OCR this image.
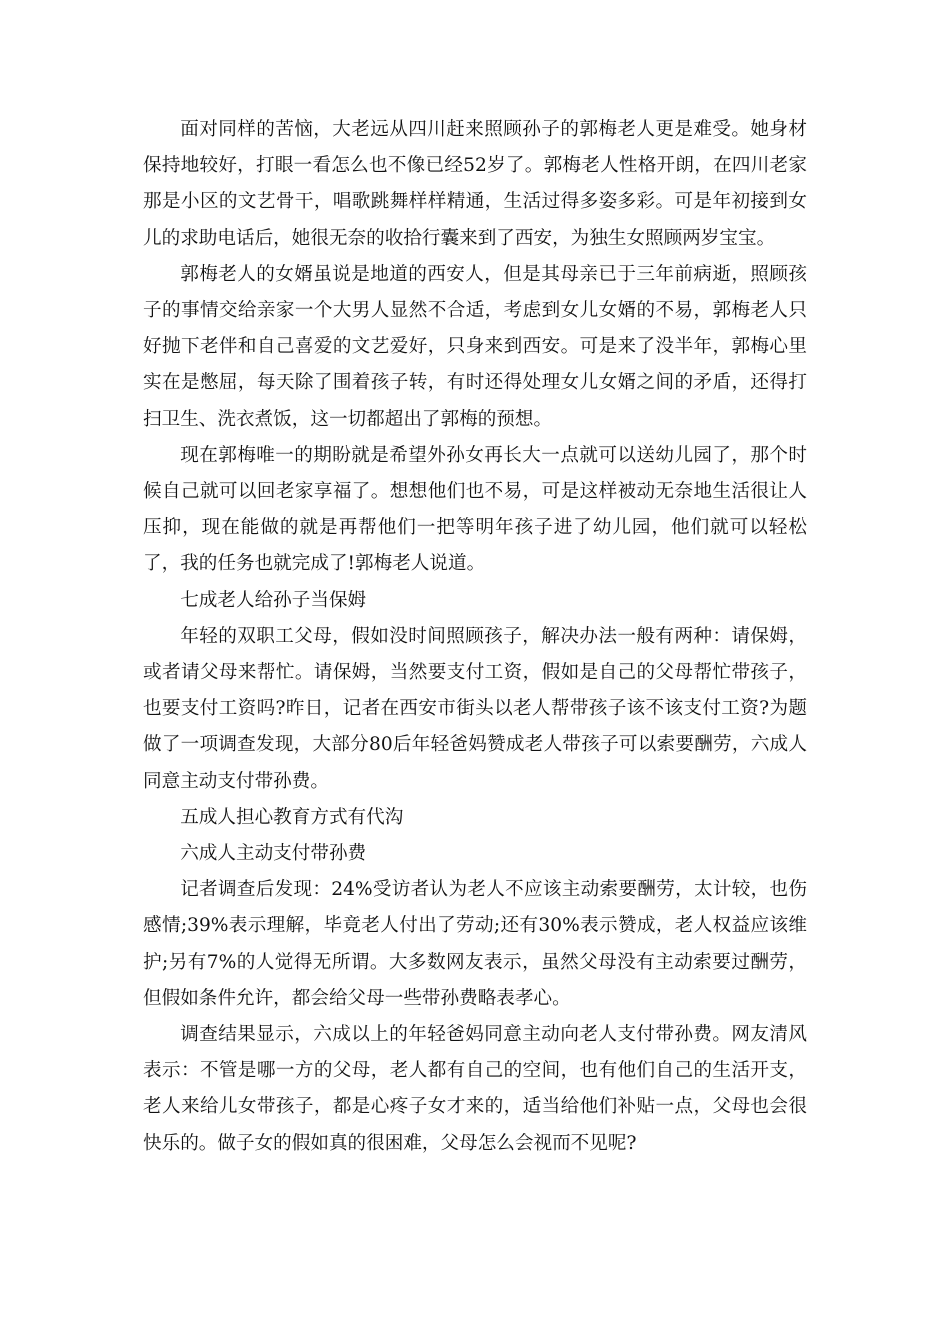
面对同样的苦恼，大老远从四川赶来照顾孙子的郭梅老人更是难受。她身材保持地较好，打眼一看怎么也不像已经52岁了。郭梅老人性格开朗，在四川老家那是小区的文艺骨干，唱歌跳舞样样精通，生活过得多姿多彩。可是年初接到女儿的求助电话后，她很无奈的收拾行囊来到了西安，为独生女照顾两岁宝宝。

郭梅老人的女婿虽说是地道的西安人，但是其母亲已于三年前病逝，照顾孩子的事情交给亲家一个大男人显然不合适，考虑到女儿女婿的不易，郭梅老人只好抛下老伴和自己喜爱的文艺爱好，只身来到西安。可是来了没半年，郭梅心里实在是憋屈，每天除了围着孩子转，有时还得处理女儿女婿之间的矛盾，还得打扫卫生、洗衣煮饭，这一切都超出了郭梅的预想。

现在郭梅唯一的期盼就是希望外孙女再长大一点就可以送幼儿园了，那个时候自己就可以回老家享福了。想想他们也不易，可是这样被动无奈地生活很让人压抑，现在能做的就是再帮他们一把等明年孩子进了幼儿园，他们就可以轻松了，我的任务也就完成了!郭梅老人说道。

七成老人给孙子当保姆

年轻的双职工父母，假如没时间照顾孩子，解决办法一般有两种：请保姆，或者请父母来帮忙。请保姆，当然要支付工资，假如是自己的父母帮忙带孩子，也要支付工资吗?昨日，记者在西安市街头以老人帮带孩子该不该支付工资?为题做了一项调查发现，大部分80后年轻爸妈赞成老人带孩子可以索要酬劳，六成人同意主动支付带孙费。

五成人担心教育方式有代沟

六成人主动支付带孙费

记者调查后发现：24%受访者认为老人不应该主动索要酬劳，太计较，也伤感情;39%表示理解，毕竟老人付出了劳动;还有30%表示赞成，老人权益应该维护;另有7%的人觉得无所谓。大多数网友表示，虽然父母没有主动索要过酬劳，但假如条件允许，都会给父母一些带孙费略表孝心。

调查结果显示，六成以上的年轻爸妈同意主动向老人支付带孙费。网友清风表示：不管是哪一方的父母，老人都有自己的空间，也有他们自己的生活开支，老人来给儿女带孩子，都是心疼子女才来的，适当给他们补贴一点，父母也会很快乐的。做子女的假如真的很困难，父母怎么会视而不见呢?
